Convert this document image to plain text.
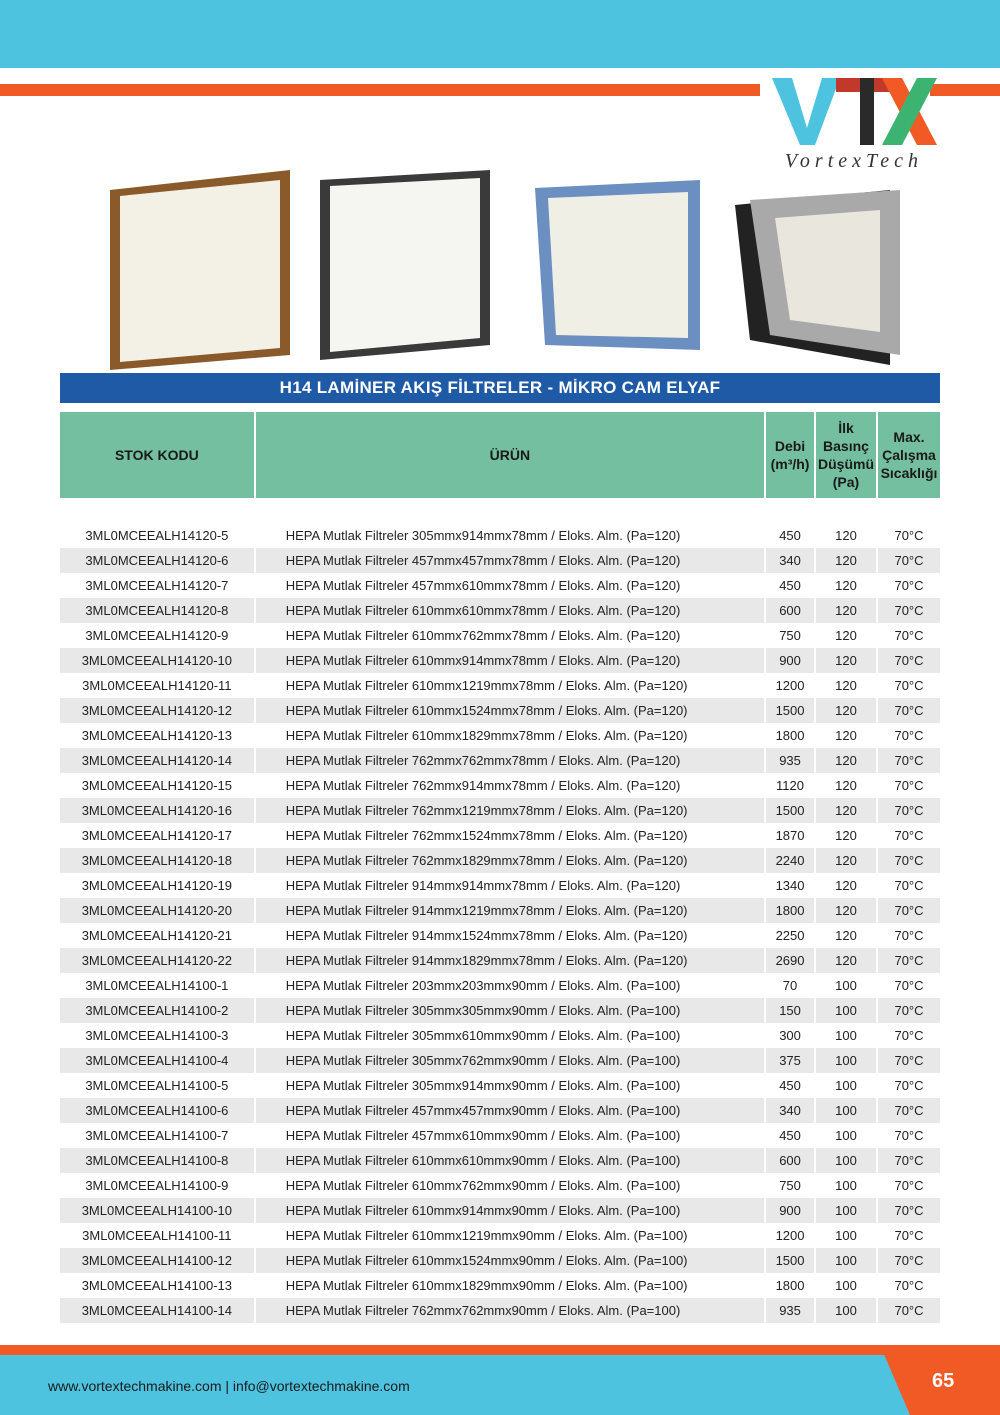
VortexTech
H14 LAMİNER AKIŞ FİLTRELER - MİKRO CAM ELYAF
STOK KODU	ÜRÜN	Debi (m³/h)	İlk Basınç Düşümü (Pa)	Max. Çalışma Sıcaklığı

3ML0MCEEALH14120-5	HEPA Mutlak Filtreler 305mmx914mmx78mm / Eloks. Alm. (Pa=120)	450	120	70°C
3ML0MCEEALH14120-6	HEPA Mutlak Filtreler 457mmx457mmx78mm / Eloks. Alm. (Pa=120)	340	120	70°C
3ML0MCEEALH14120-7	HEPA Mutlak Filtreler 457mmx610mmx78mm / Eloks. Alm. (Pa=120)	450	120	70°C
3ML0MCEEALH14120-8	HEPA Mutlak Filtreler 610mmx610mmx78mm / Eloks. Alm. (Pa=120)	600	120	70°C
3ML0MCEEALH14120-9	HEPA Mutlak Filtreler 610mmx762mmx78mm / Eloks. Alm. (Pa=120)	750	120	70°C
3ML0MCEEALH14120-10	HEPA Mutlak Filtreler 610mmx914mmx78mm / Eloks. Alm. (Pa=120)	900	120	70°C
3ML0MCEEALH14120-11	HEPA Mutlak Filtreler 610mmx1219mmx78mm / Eloks. Alm. (Pa=120)	1200	120	70°C
3ML0MCEEALH14120-12	HEPA Mutlak Filtreler 610mmx1524mmx78mm / Eloks. Alm. (Pa=120)	1500	120	70°C
3ML0MCEEALH14120-13	HEPA Mutlak Filtreler 610mmx1829mmx78mm / Eloks. Alm. (Pa=120)	1800	120	70°C
3ML0MCEEALH14120-14	HEPA Mutlak Filtreler 762mmx762mmx78mm / Eloks. Alm. (Pa=120)	935	120	70°C
3ML0MCEEALH14120-15	HEPA Mutlak Filtreler 762mmx914mmx78mm / Eloks. Alm. (Pa=120)	1120	120	70°C
3ML0MCEEALH14120-16	HEPA Mutlak Filtreler 762mmx1219mmx78mm / Eloks. Alm. (Pa=120)	1500	120	70°C
3ML0MCEEALH14120-17	HEPA Mutlak Filtreler 762mmx1524mmx78mm / Eloks. Alm. (Pa=120)	1870	120	70°C
3ML0MCEEALH14120-18	HEPA Mutlak Filtreler 762mmx1829mmx78mm / Eloks. Alm. (Pa=120)	2240	120	70°C
3ML0MCEEALH14120-19	HEPA Mutlak Filtreler 914mmx914mmx78mm / Eloks. Alm. (Pa=120)	1340	120	70°C
3ML0MCEEALH14120-20	HEPA Mutlak Filtreler 914mmx1219mmx78mm / Eloks. Alm. (Pa=120)	1800	120	70°C
3ML0MCEEALH14120-21	HEPA Mutlak Filtreler 914mmx1524mmx78mm / Eloks. Alm. (Pa=120)	2250	120	70°C
3ML0MCEEALH14120-22	HEPA Mutlak Filtreler 914mmx1829mmx78mm / Eloks. Alm. (Pa=120)	2690	120	70°C
3ML0MCEEALH14100-1	HEPA Mutlak Filtreler 203mmx203mmx90mm / Eloks. Alm. (Pa=100)	70	100	70°C
3ML0MCEEALH14100-2	HEPA Mutlak Filtreler 305mmx305mmx90mm / Eloks. Alm. (Pa=100)	150	100	70°C
3ML0MCEEALH14100-3	HEPA Mutlak Filtreler 305mmx610mmx90mm / Eloks. Alm. (Pa=100)	300	100	70°C
3ML0MCEEALH14100-4	HEPA Mutlak Filtreler 305mmx762mmx90mm / Eloks. Alm. (Pa=100)	375	100	70°C
3ML0MCEEALH14100-5	HEPA Mutlak Filtreler 305mmx914mmx90mm / Eloks. Alm. (Pa=100)	450	100	70°C
3ML0MCEEALH14100-6	HEPA Mutlak Filtreler 457mmx457mmx90mm / Eloks. Alm. (Pa=100)	340	100	70°C
3ML0MCEEALH14100-7	HEPA Mutlak Filtreler 457mmx610mmx90mm / Eloks. Alm. (Pa=100)	450	100	70°C
3ML0MCEEALH14100-8	HEPA Mutlak Filtreler 610mmx610mmx90mm / Eloks. Alm. (Pa=100)	600	100	70°C
3ML0MCEEALH14100-9	HEPA Mutlak Filtreler 610mmx762mmx90mm / Eloks. Alm. (Pa=100)	750	100	70°C
3ML0MCEEALH14100-10	HEPA Mutlak Filtreler 610mmx914mmx90mm / Eloks. Alm. (Pa=100)	900	100	70°C
3ML0MCEEALH14100-11	HEPA Mutlak Filtreler 610mmx1219mmx90mm / Eloks. Alm. (Pa=100)	1200	100	70°C
3ML0MCEEALH14100-12	HEPA Mutlak Filtreler 610mmx1524mmx90mm / Eloks. Alm. (Pa=100)	1500	100	70°C
3ML0MCEEALH14100-13	HEPA Mutlak Filtreler 610mmx1829mmx90mm / Eloks. Alm. (Pa=100)	1800	100	70°C
3ML0MCEEALH14100-14	HEPA Mutlak Filtreler 762mmx762mmx90mm / Eloks. Alm. (Pa=100)	935	100	70°C
www.vortextechmakine.com | info@vortextechmakine.com	65
